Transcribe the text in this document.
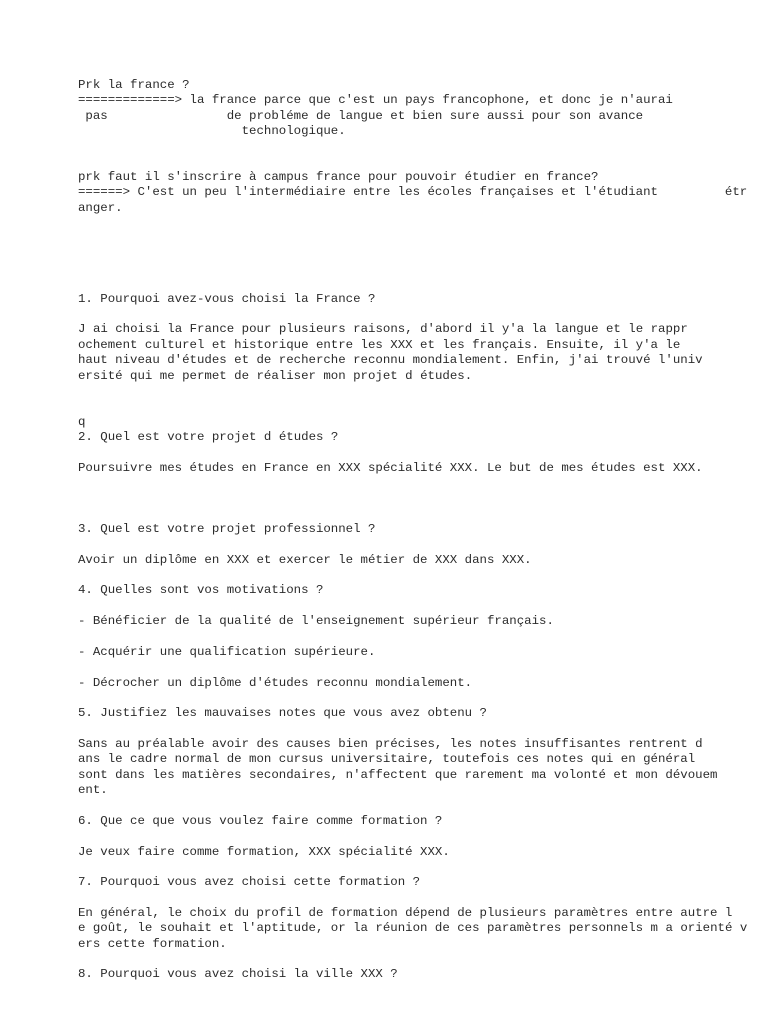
Prk la france ?

=============> la france parce que c'est un pays francophone, et donc je n'aurai

pas                de probléme de langue et bien sure aussi pour son avance

technologique.

prk faut il s'inscrire à campus france pour pouvoir étudier en france?

======> C'est un peu l'intermédiaire entre les écoles françaises et l'étudiant         étr

anger.

1. Pourquoi avez-vous choisi la France ?

Jai choisi la France pour plusieurs raisons, d'abord il y'a la langue et le rappr

ochement culturel et historique entre les XXX et les français. Ensuite, il y'a le

haut niveau d'études et de recherche reconnu mondialement. Enfin, j'ai trouvé l'univ

ersité qui me permet de réaliser mon projet détudes.

q

2. Quel est votre projet détudes ?

Poursuivre mes études en France en XXX spécialité XXX. Le but de mes études est XXX.

3. Quel est votre projet professionnel ?

Avoir un diplôme en XXX et exercer le métier de XXX dans XXX.

4. Quelles sont vos motivations ?

- Bénéficier de la qualité de l'enseignement supérieur français.

- Acquérir une qualification supérieure.

- Décrocher un diplôme d'études reconnu mondialement.

5. Justifiez les mauvaises notes que vous avez obtenu ?

Sans au préalable avoir des causes bien précises, les notes insuffisantes rentrent d

ans le cadre normal de mon cursus universitaire, toutefois ces notes qui en général

sont dans les matières secondaires, n'affectent que rarement ma volonté et mon dévouem

ent.

6. Que ce que vous voulez faire comme formation ?

Je veux faire comme formation, XXX spécialité XXX.

7. Pourquoi vous avez choisi cette formation ?

En général, le choix du profil de formation dépend de plusieurs paramètres entre autre l

e goût, le souhait et l'aptitude, or la réunion de ces paramètres personnels ma orienté v

ers cette formation.

8. Pourquoi vous avez choisi la ville XXX ?
